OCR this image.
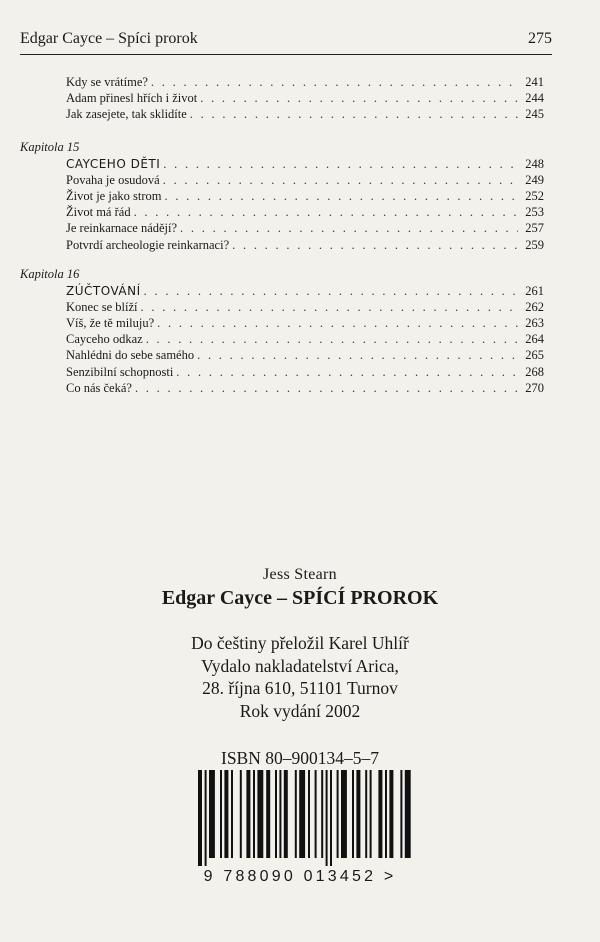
Edgar Cayce – Spíci prorok	275
Kdy se vrátíme? . . .	241
Adam přinesl hřích i život . . .	244
Jak zasejete, tak sklidíte . . .	245
Kapitola 15
CAYCEHO DĚTI . . .	248
Povaha je osudová . . .	249
Život je jako strom . . .	252
Život má řád . . .	253
Je reinkarnace nádějí? . . .	257
Potvrdí archeologie reinkarnaci? . . .	259
Kapitola 16
ZÚČTOVÁNÍ . . .	261
Konec se blíží . . .	262
Víš, že tě miluju? . . .	263
Cayceho odkaz . . .	264
Nahlédni do sebe samého . . .	265
Senzibilní schopnosti . . .	268
Co nás čeká? . . .	270
Jess Stearn
Edgar Cayce – SPÍCÍ PROROK
Do češtiny přeložil Karel Uhlíř
Vydalo nakladatelství Arica,
28. října 610, 51101 Turnov
Rok vydání 2002
ISBN 80–900134–5–7
9 788090 013452 >
